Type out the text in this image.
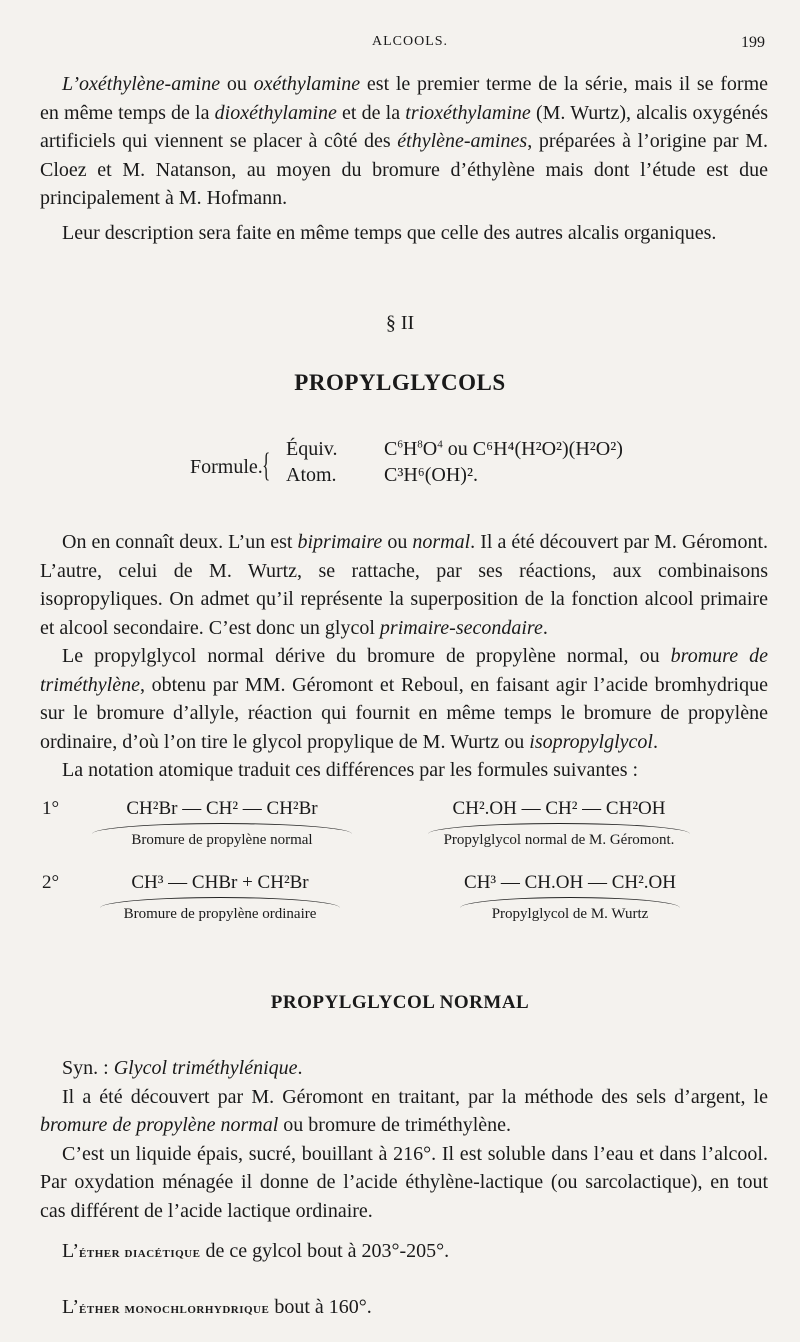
ALCOOLS.	199

L’oxéthylène-amine ou oxéthylamine est le premier terme de la série, mais il se forme en même temps de la dioxéthylamine et de la trioxéthylamine (M. Wurtz), alcalis oxygénés artificiels qui viennent se placer à côté des éthylène-amines, préparées à l’origine par M. Cloez et M. Natanson, au moyen du bromure d’éthylène mais dont l’étude est due principalement à M. Hofmann.

Leur description sera faite en même temps que celle des autres alcalis organiques.

§ II
PROPYLGLYCOLS
Formule. { Équiv. $C^6H^8O^4$ ou C⁶H⁴(H²O²)(H²O²)
Atom. C³H⁶(OH)².

On en connaît deux. L’un est biprimaire ou normal. Il a été découvert par M. Géromont. L’autre, celui de M. Wurtz, se rattache, par ses réactions, aux combinaisons isopropyliques. On admet qu’il représente la superposition de la fonction alcool primaire et alcool secondaire. C’est donc un glycol primaire-secondaire.

Le propylglycol normal dérive du bromure de propylène normal, ou bromure de triméthylène, obtenu par MM. Géromont et Reboul, en faisant agir l’acide bromhydrique sur le bromure d’allyle, réaction qui fournit en même temps le bromure de propylène ordinaire, d’où l’on tire le glycol propylique de M. Wurtz ou isopropylglycol.

La notation atomique traduit ces différences par les formules suivantes :

1°	CH²Br — CH² — CH²Br
Bromure de propylène normal
CH².OH — CH² — CH²OH
Propylglycol normal de M. Géromont.
2°	CH³ — CHBr + CH²Br
Bromure de propylène ordinaire
CH³ — CH.OH — CH².OH
Propylglycol de M. Wurtz
PROPYLGLYCOL NORMAL

Syn. : Glycol triméthylénique.

Il a été découvert par M. Géromont en traitant, par la méthode des sels d’argent, le bromure de propylène normal ou bromure de triméthylène.

C’est un liquide épais, sucré, bouillant à 216°. Il est soluble dans l’eau et dans l’alcool. Par oxydation ménagée il donne de l’acide éthylène-lactique (ou sarcolactique), en tout cas différent de l’acide lactique ordinaire.

L’éther diacétique de ce gylcol bout à 203°-205°.
L’éther monochlorhydrique bout à 160°.
